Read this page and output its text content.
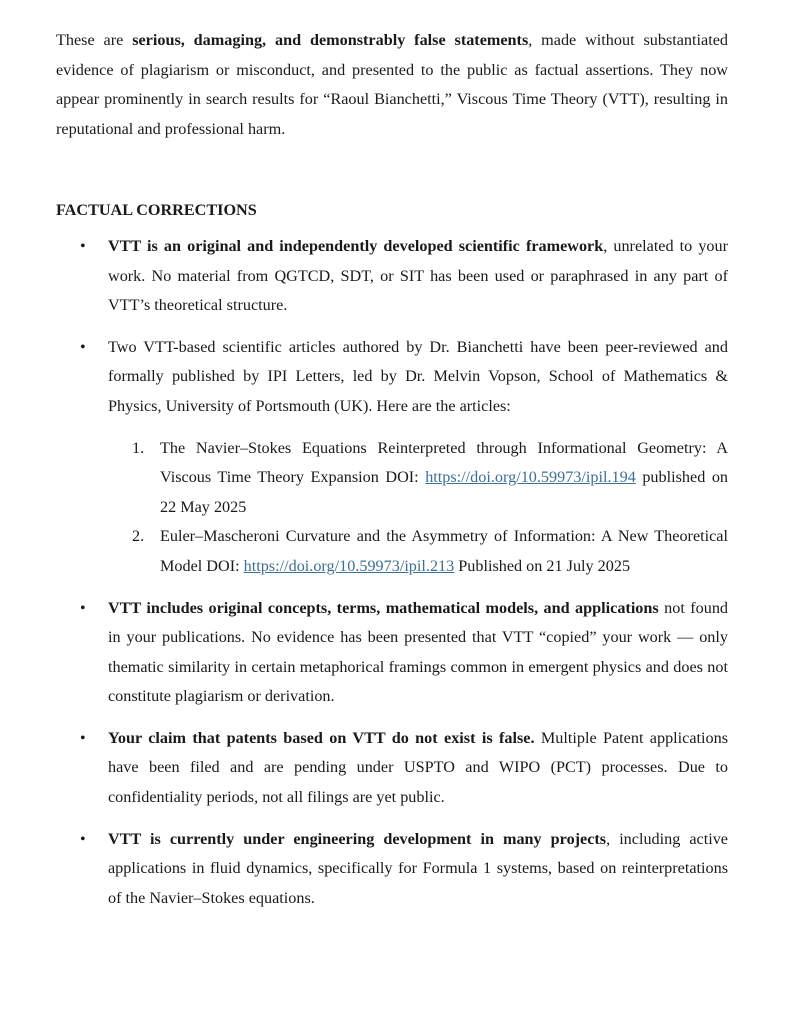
These are serious, damaging, and demonstrably false statements, made without substantiated evidence of plagiarism or misconduct, and presented to the public as factual assertions. They now appear prominently in search results for “Raoul Bianchetti,” Viscous Time Theory (VTT), resulting in reputational and professional harm.

FACTUAL CORRECTIONS
• VTT is an original and independently developed scientific framework, unrelated to your work. No material from QGTCD, SDT, or SIT has been used or paraphrased in any part of VTT’s theoretical structure.

• Two VTT-based scientific articles authored by Dr. Bianchetti have been peer-reviewed and formally published by IPI Letters, led by Dr. Melvin Vopson, School of Mathematics & Physics, University of Portsmouth (UK). Here are the articles:

1. The Navier–Stokes Equations Reinterpreted through Informational Geometry: A Viscous Time Theory Expansion DOI: https://doi.org/10.59973/ipil.194 published on 22 May 2025

2. Euler–Mascheroni Curvature and the Asymmetry of Information: A New Theoretical Model DOI: https://doi.org/10.59973/ipil.213 Published on 21 July 2025

• VTT includes original concepts, terms, mathematical models, and applications not found in your publications. No evidence has been presented that VTT “copied” your work — only thematic similarity in certain metaphorical framings common in emergent physics and does not constitute plagiarism or derivation.

• Your claim that patents based on VTT do not exist is false. Multiple Patent applications have been filed and are pending under USPTO and WIPO (PCT) processes. Due to confidentiality periods, not all filings are yet public.

• VTT is currently under engineering development in many projects, including active applications in fluid dynamics, specifically for Formula 1 systems, based on reinterpretations of the Navier–Stokes equations.
